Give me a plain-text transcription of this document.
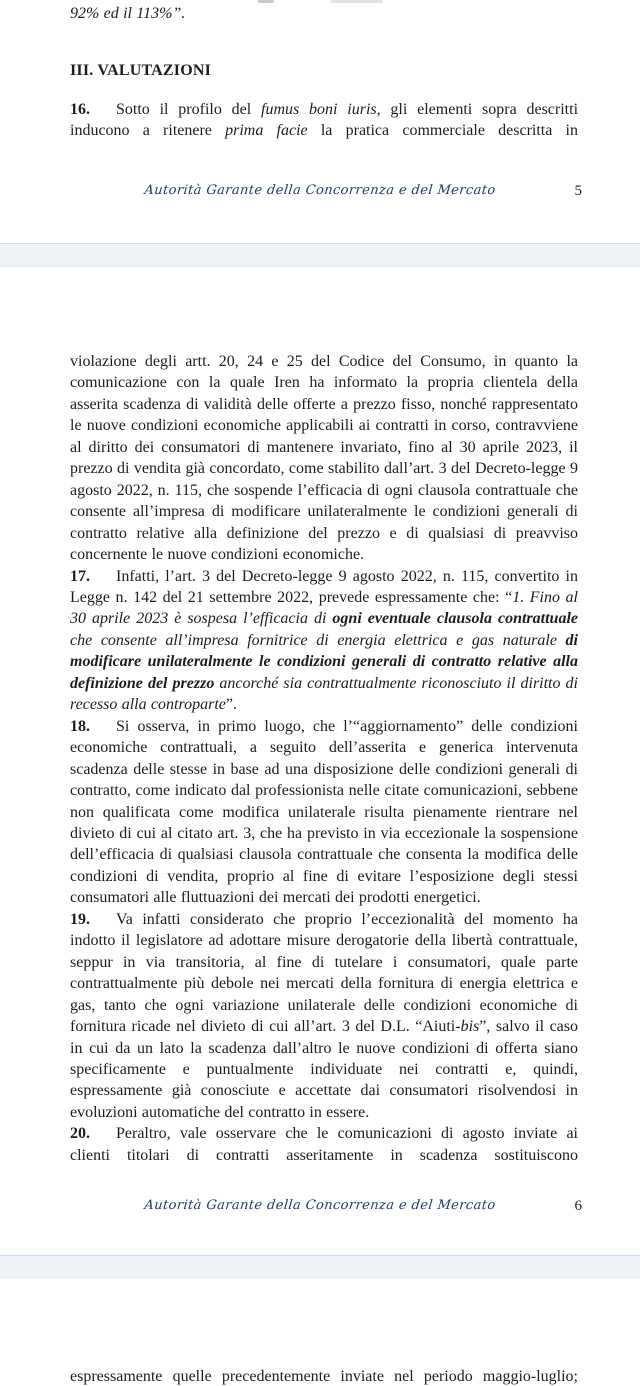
92% ed il 113%”.
III. VALUTAZIONI

16. Sotto il profilo del fumus boni iuris, gli elementi sopra descritti inducono a ritenere prima facie la pratica commerciale descritta in

Autorità Garante della Concorrenza e del Mercato	5

violazione degli artt. 20, 24 e 25 del Codice del Consumo, in quanto la comunicazione con la quale Iren ha informato la propria clientela della asserita scadenza di validità delle offerte a prezzo fisso, nonché rappresentato le nuove condizioni economiche applicabili ai contratti in corso, contravviene al diritto dei consumatori di mantenere invariato, fino al 30 aprile 2023, il prezzo di vendita già concordato, come stabilito dall’art. 3 del Decreto-legge 9 agosto 2022, n. 115, che sospende l’efficacia di ogni clausola contrattuale che consente all’impresa di modificare unilateralmente le condizioni generali di contratto relative alla definizione del prezzo e di qualsiasi di preavviso concernente le nuove condizioni economiche.

17. Infatti, l’art. 3 del Decreto-legge 9 agosto 2022, n. 115, convertito in Legge n. 142 del 21 settembre 2022, prevede espressamente che: “1. Fino al 30 aprile 2023 è sospesa l’efficacia di ogni eventuale clausola contrattuale che consente all’impresa fornitrice di energia elettrica e gas naturale di modificare unilateralmente le condizioni generali di contratto relative alla definizione del prezzo ancorché sia contrattualmente riconosciuto il diritto di recesso alla controparte”.

18. Si osserva, in primo luogo, che l’“aggiornamento” delle condizioni economiche contrattuali, a seguito dell’asserita e generica intervenuta scadenza delle stesse in base ad una disposizione delle condizioni generali di contratto, come indicato dal professionista nelle citate comunicazioni, sebbene non qualificata come modifica unilaterale risulta pienamente rientrare nel divieto di cui al citato art. 3, che ha previsto in via eccezionale la sospensione dell’efficacia di qualsiasi clausola contrattuale che consenta la modifica delle condizioni di vendita, proprio al fine di evitare l’esposizione degli stessi consumatori alle fluttuazioni dei mercati dei prodotti energetici.

19. Va infatti considerato che proprio l’eccezionalità del momento ha indotto il legislatore ad adottare misure derogatorie della libertà contrattuale, seppur in via transitoria, al fine di tutelare i consumatori, quale parte contrattualmente più debole nei mercati della fornitura di energia elettrica e gas, tanto che ogni variazione unilaterale delle condizioni economiche di fornitura ricade nel divieto di cui all’art. 3 del D.L. “Aiuti-bis”, salvo il caso in cui da un lato la scadenza dall’altro le nuove condizioni di offerta siano specificamente e puntualmente individuate nei contratti e, quindi, espressamente già conosciute e accettate dai consumatori risolvendosi in evoluzioni automatiche del contratto in essere.

20. Peraltro, vale osservare che le comunicazioni di agosto inviate ai clienti titolari di contratti asseritamente in scadenza sostituiscono

Autorità Garante della Concorrenza e del Mercato	6

espressamente quelle precedentemente inviate nel periodo maggio-luglio;
